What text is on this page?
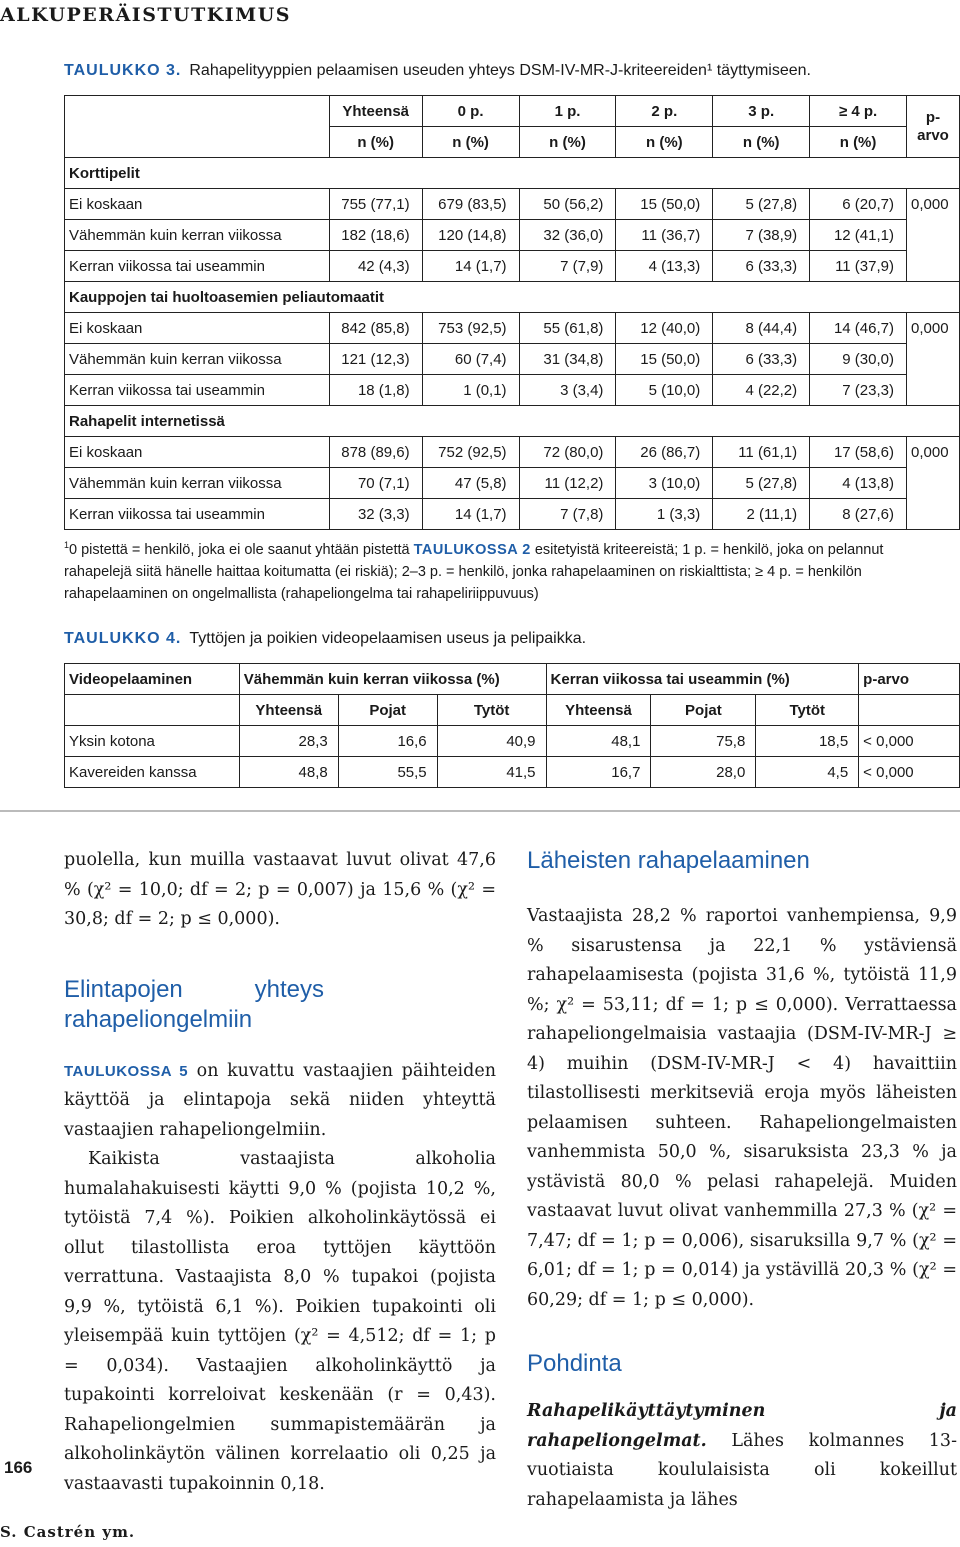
ALKUPERÄISTUTKIMUS
TAULUKKO 3. Rahapelityyppien pelaamisen useuden yhteys DSM-IV-MR-J-kriteereiden¹ täyttymiseen.
	Yhteensä	0 p.	1 p.	2 p.	3 p.	≥ 4 p.	p-arvo
	n (%)	n (%)	n (%)	n (%)	n (%)	n (%)	
Korttipelit							
Ei koskaan	755 (77,1)	679 (83,5)	50 (56,2)	15 (50,0)	5 (27,8)	6 (20,7)	0,000
Vähemmän kuin kerran viikossa	182 (18,6)	120 (14,8)	32 (36,0)	11 (36,7)	7 (38,9)	12 (41,1)	
Kerran viikossa tai useammin	42 (4,3)	14 (1,7)	7 (7,9)	4 (13,3)	6 (33,3)	11 (37,9)	
Kauppojen tai huoltoasemien peliautomaatit							
Ei koskaan	842 (85,8)	753 (92,5)	55 (61,8)	12 (40,0)	8 (44,4)	14 (46,7)	0,000
Vähemmän kuin kerran viikossa	121 (12,3)	60 (7,4)	31 (34,8)	15 (50,0)	6 (33,3)	9 (30,0)	
Kerran viikossa tai useammin	18 (1,8)	1 (0,1)	3 (3,4)	5 (10,0)	4 (22,2)	7 (23,3)	
Rahapelit internetissä							
Ei koskaan	878 (89,6)	752 (92,5)	72 (80,0)	26 (86,7)	11 (61,1)	17 (58,6)	0,000
Vähemmän kuin kerran viikossa	70 (7,1)	47 (5,8)	11 (12,2)	3 (10,0)	5 (27,8)	4 (13,8)	
Kerran viikossa tai useammin	32 (3,3)	14 (1,7)	7 (7,8)	1 (3,3)	2 (11,1)	8 (27,6)	
$^1$0 pistettä = henkilö, joka ei ole saanut yhtään pistettä TAULUKOSSA 2 esitetyistä kriteereistä; 1 p. = henkilö, joka on pelannut rahapelejä siitä hänelle haittaa koitumatta (ei riskiä); 2–3 p. = henkilö, jonka rahapelaaminen on riskialttista; ≥ 4 p. = henkilön rahapelaaminen on ongelmallista (rahapeliongelma tai rahapeliriippuvuus)
TAULUKKO 4. Tyttöjen ja poikien videopelaamisen useus ja pelipaikka.
Videopelaaminen	Vähemmän kuin kerran viikossa (%)			Kerran viikossa tai useammin (%)			p-arvo
	Yhteensä	Pojat	Tytöt	Yhteensä	Pojat	Tytöt	
Yksin kotona	28,3	16,6	40,9	48,1	75,8	18,5	< 0,000
Kavereiden kanssa	48,8	55,5	41,5	16,7	28,0	4,5	< 0,000

puolella, kun muilla vastaavat luvut olivat 47,6 % (χ² = 10,0; df = 2; p = 0,007) ja 15,6 % (χ² = 30,8; df = 2; p ≤ 0,000).

Elintapojen yhteys rahapeliongelmiin

TAULUKOSSA 5 on kuvattu vastaajien päihteiden käyttöä ja elintapoja sekä niiden yhteyttä vastaajien rahapeliongelmiin.

Kaikista vastaajista alkoholia humalahakuisesti käytti 9,0 % (pojista 10,2 %, tytöistä 7,4 %). Poikien alkoholinkäytössä ei ollut tilastollista eroa tyttöjen käyttöön verrattuna. Vastaajista 8,0 % tupakoi (pojista 9,9 %, tytöistä 6,1 %). Poikien tupakointi oli yleisempää kuin tyttöjen (χ² = 4,512; df = 1; p = 0,034). Vastaajien alkoholinkäyttö ja tupakointi korreloivat keskenään (r = 0,43). Rahapeliongelmien summapistemäärän ja alkoholinkäytön välinen korrelaatio oli 0,25 ja vastaavasti tupakoinnin 0,18.

Läheisten rahapelaaminen

Vastaajista 28,2 % raportoi vanhempiensa, 9,9 % sisarustensa ja 22,1 % ystäviensä rahapelaamisesta (pojista 31,6 %, tytöistä 11,9 %; χ² = 53,11; df = 1; p ≤ 0,000). Verrattaessa rahapeliongelmaisia vastaajia (DSM-IV-MR-J ≥ 4) muihin (DSM-IV-MR-J < 4) havaittiin tilastollisesti merkitseviä eroja myös läheisten pelaamisen suhteen. Rahapeliongelmaisten vanhemmista 50,0 %, sisaruksista 23,3 % ja ystävistä 80,0 % pelasi rahapelejä. Muiden vastaavat luvut olivat vanhemmilla 27,3 % (χ² = 7,47; df = 1; p = 0,006), sisaruksilla 9,7 % (χ² = 6,01; df = 1; p = 0,014) ja ystävillä 20,3 % (χ² = 60,29; df = 1; p ≤ 0,000).

Pohdinta

Rahapelikäyttäytyminen ja rahapeliongelmat. Lähes kolmannes 13-vuotiaista koululaisista oli kokeillut rahapelaamista ja lähes

166
S. Castrén ym.
